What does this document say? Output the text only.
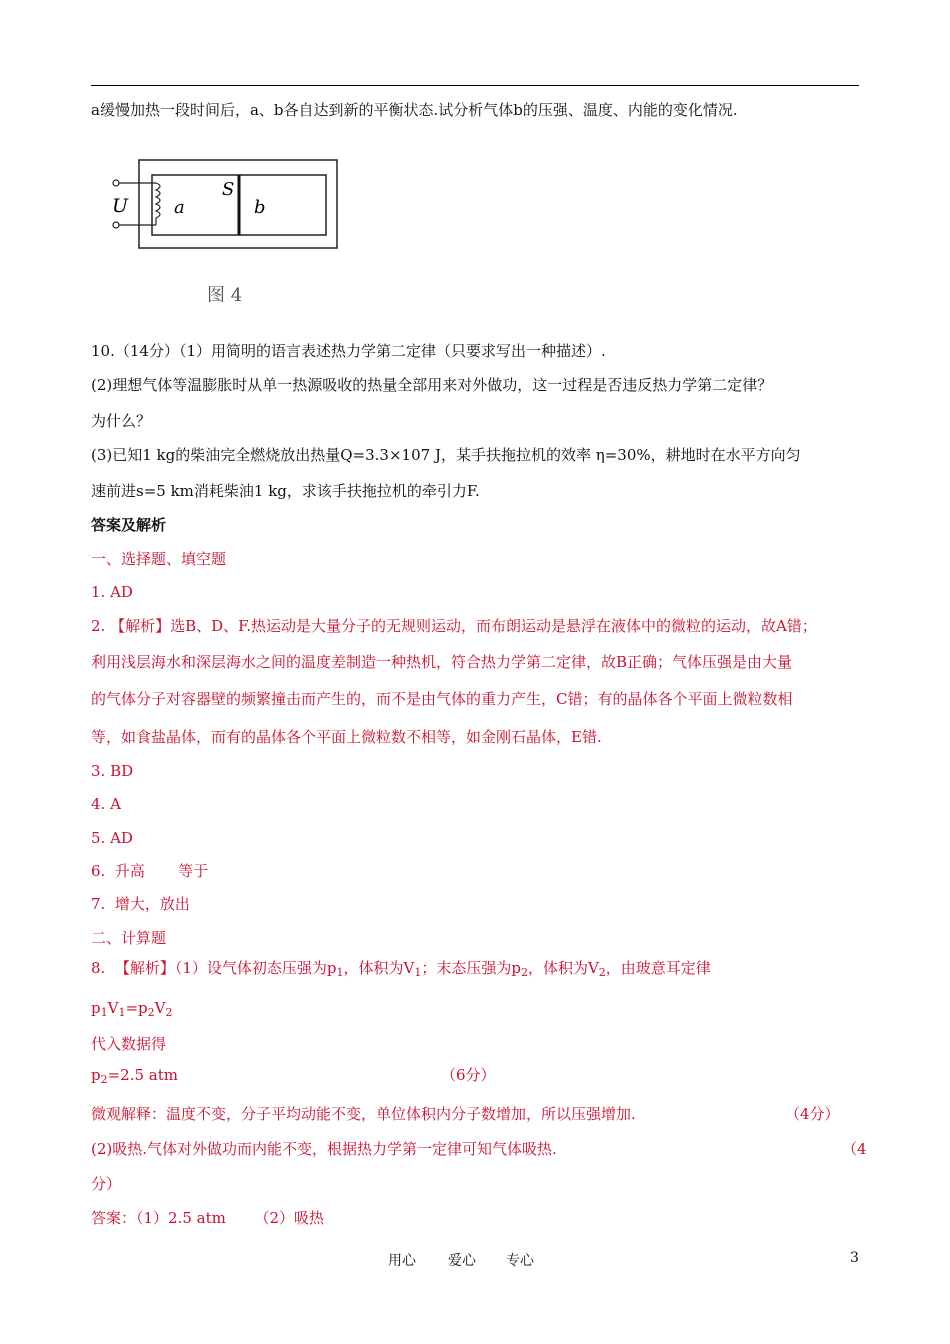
a缓慢加热一段时间后，a、b各自达到新的平衡状态.试分析气体b的压强、温度、内能的变化情况.
U	a
S
b
图 4
10.（14分）（1）用简明的语言表述热力学第二定律（只要求写出一种描述）.
(2)理想气体等温膨胀时从单一热源吸收的热量全部用来对外做功，这一过程是否违反热力学第二定律？
为什么？
(3)已知1 kg的柴油完全燃烧放出热量Q=3.3×107 J，某手扶拖拉机的效率 η=30%，耕地时在水平方向匀
速前进s=5 km消耗柴油1 kg，求该手扶拖拉机的牵引力F.
答案及解析
一、选择题、填空题
1. AD
2. 【解析】选B、D、F.热运动是大量分子的无规则运动，而布朗运动是悬浮在液体中的微粒的运动，故A错；
利用浅层海水和深层海水之间的温度差制造一种热机，符合热力学第二定律，故B正确；气体压强是由大量
的气体分子对容器壁的频繁撞击而产生的，而不是由气体的重力产生，C错；有的晶体各个平面上微粒数相
等，如食盐晶体，而有的晶体各个平面上微粒数不相等，如金刚石晶体，E错.
3. BD
4. A
5. AD
6.  升高       等于
7.  增大，放出
二、计算题
8.  【解析】（1）设气体初态压强为$p_1$，体积为$V_1$；末态压强为$p_2$，体积为$V_2$，由玻意耳定律
$p_1V_1=p_2V_2$
代入数据得
$p_2=2.5$ atm	（6分）
微观解释：温度不变，分子平均动能不变，单位体积内分子数增加，所以压强增加.	（4分）
(2)吸热.气体对外做功而内能不变，根据热力学第一定律可知气体吸热.	（4
分）
答案：（1）2.5 atm      （2）吸热
用心 爱心 专心	3
